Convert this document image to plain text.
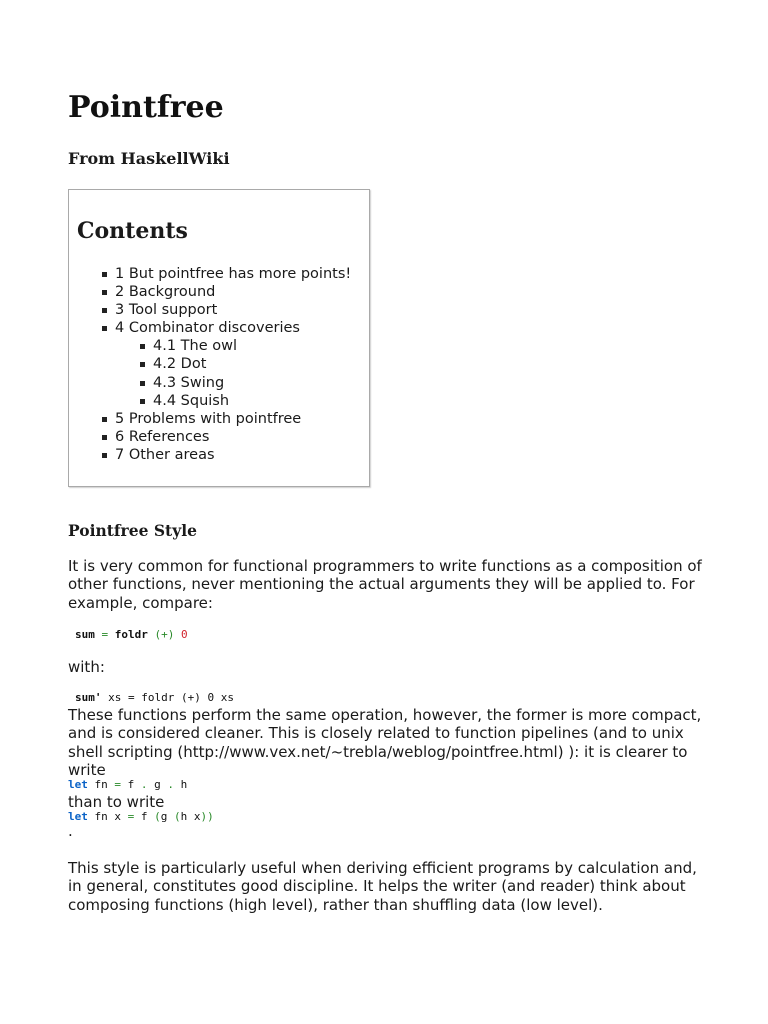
Pointfree
From HaskellWiki
Contents
1 But pointfree has more points!
2 Background
3 Tool support
4 Combinator discoveries
4.1 The owl
4.2 Dot
4.3 Swing
4.4 Squish
5 Problems with pointfree
6 References
7 Other areas
Pointfree Style

It is very common for functional programmers to write functions as a composition of other functions, never mentioning the actual arguments they will be applied to. For example, compare:

sum = foldr (+) 0

with:

sum' xs = foldr (+) 0 xs

These functions perform the same operation, however, the former is more compact, and is considered cleaner. This is closely related to function pipelines (and to unix shell scripting (http://www.vex.net/~trebla/weblog/pointfree.html) ): it is clearer to write

let fn = f . g . h

than to write

let fn x = f (g (h x))

.

This style is particularly useful when deriving efficient programs by calculation and, in general, constitutes good discipline. It helps the writer (and reader) think about composing functions (high level), rather than shuffling data (low level).
